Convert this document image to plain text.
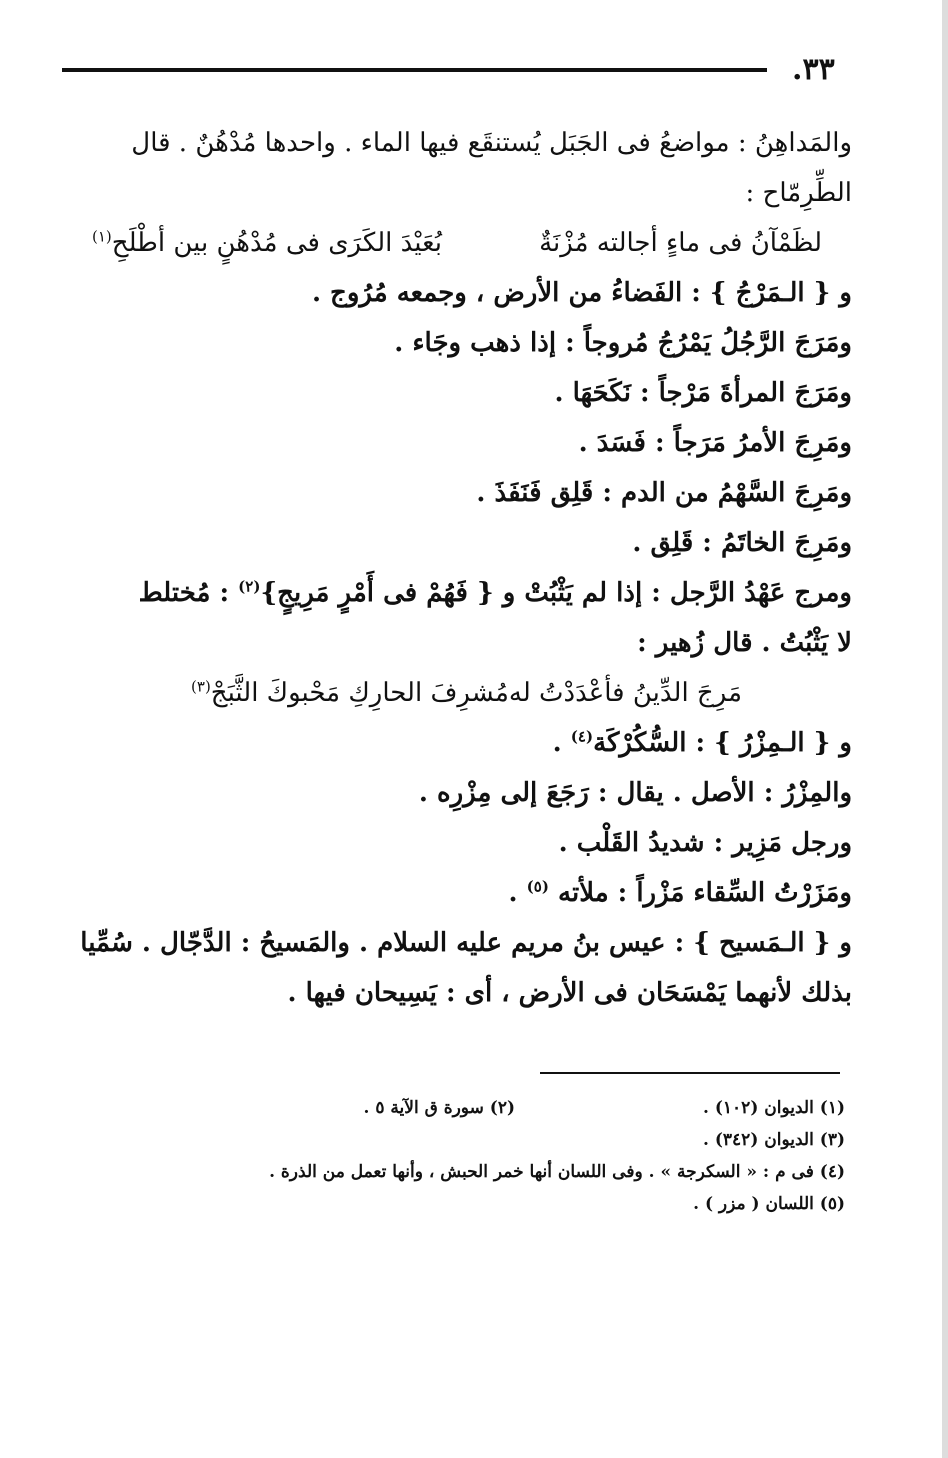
٣٣.
والمَداهِنُ : مواضعُ فى الجَبَل يُستنقَع فيها الماء . واحدها مُدْهُنٌ . قال
الطِّرِمّاح :
لظَمْآنُ فى ماءٍ أجالته مُزْنَةٌ
بُعَيْدَ الكَرَى فى مُدْهُنٍ بين أطْلَحِ$^{(١)}$
و { الـمَرْجُ } : الفَضاءُ من الأرض ، وجمعه مُرُوج .
ومَرَجَ الرَّجُلُ يَمْرُجُ مُروجاً : إذا ذهب وجَاء .
ومَرَجَ المرأةَ مَرْجاً : نَكَحَهَا .
ومَرِجَ الأمرُ مَرَجاً : فَسَدَ .
ومَرِجَ السَّهْمُ من الدم : قَلِق فَنَفَذَ .
ومَرِجَ الخاتَمُ : قَلِق .
ومرج عَهْدُ الرَّجل : إذا لم يَثْبُتْ و { فَهُمْ فى أَمْرٍ مَرِيجٍ}$^{(٢)}$ : مُختلط
لا يَثْبُتُ . قال زُهير :
مَرِجَ الدِّينُ فأعْدَدْتُ له
مُشرِفَ الحارِكِ مَحْبوكَ الثَّبَجْ$^{(٣)}$
و { الـمِزْرُ } : السُّكُرْكَة$^{(٤)}$ .
والمِزْرُ : الأصل . يقال : رَجَعَ إلى مِزْرِه .
ورجل مَزِير : شديدُ القَلْب .
ومَزَرْتُ السِّقاء مَزْراً : ملأته $^{(٥)}$ .
و { الـمَسيح } : عيس بنُ مريم عليه السلام . والمَسيحُ : الدَّجّال . سُمِّيا
بذلك لأنهما يَمْسَحَان فى الأرض ، أى : يَسِيحان فيها .
(١) الديوان (١٠٢) .
(٢) سورة ق الآية ٥ .
(٣) الديوان (٣٤٢) .
(٤) فى م : « السكرجة » . وفى اللسان أنها خمر الحبش ، وأنها تعمل من الذرة .
(٥) اللسان ( مزر ) .
